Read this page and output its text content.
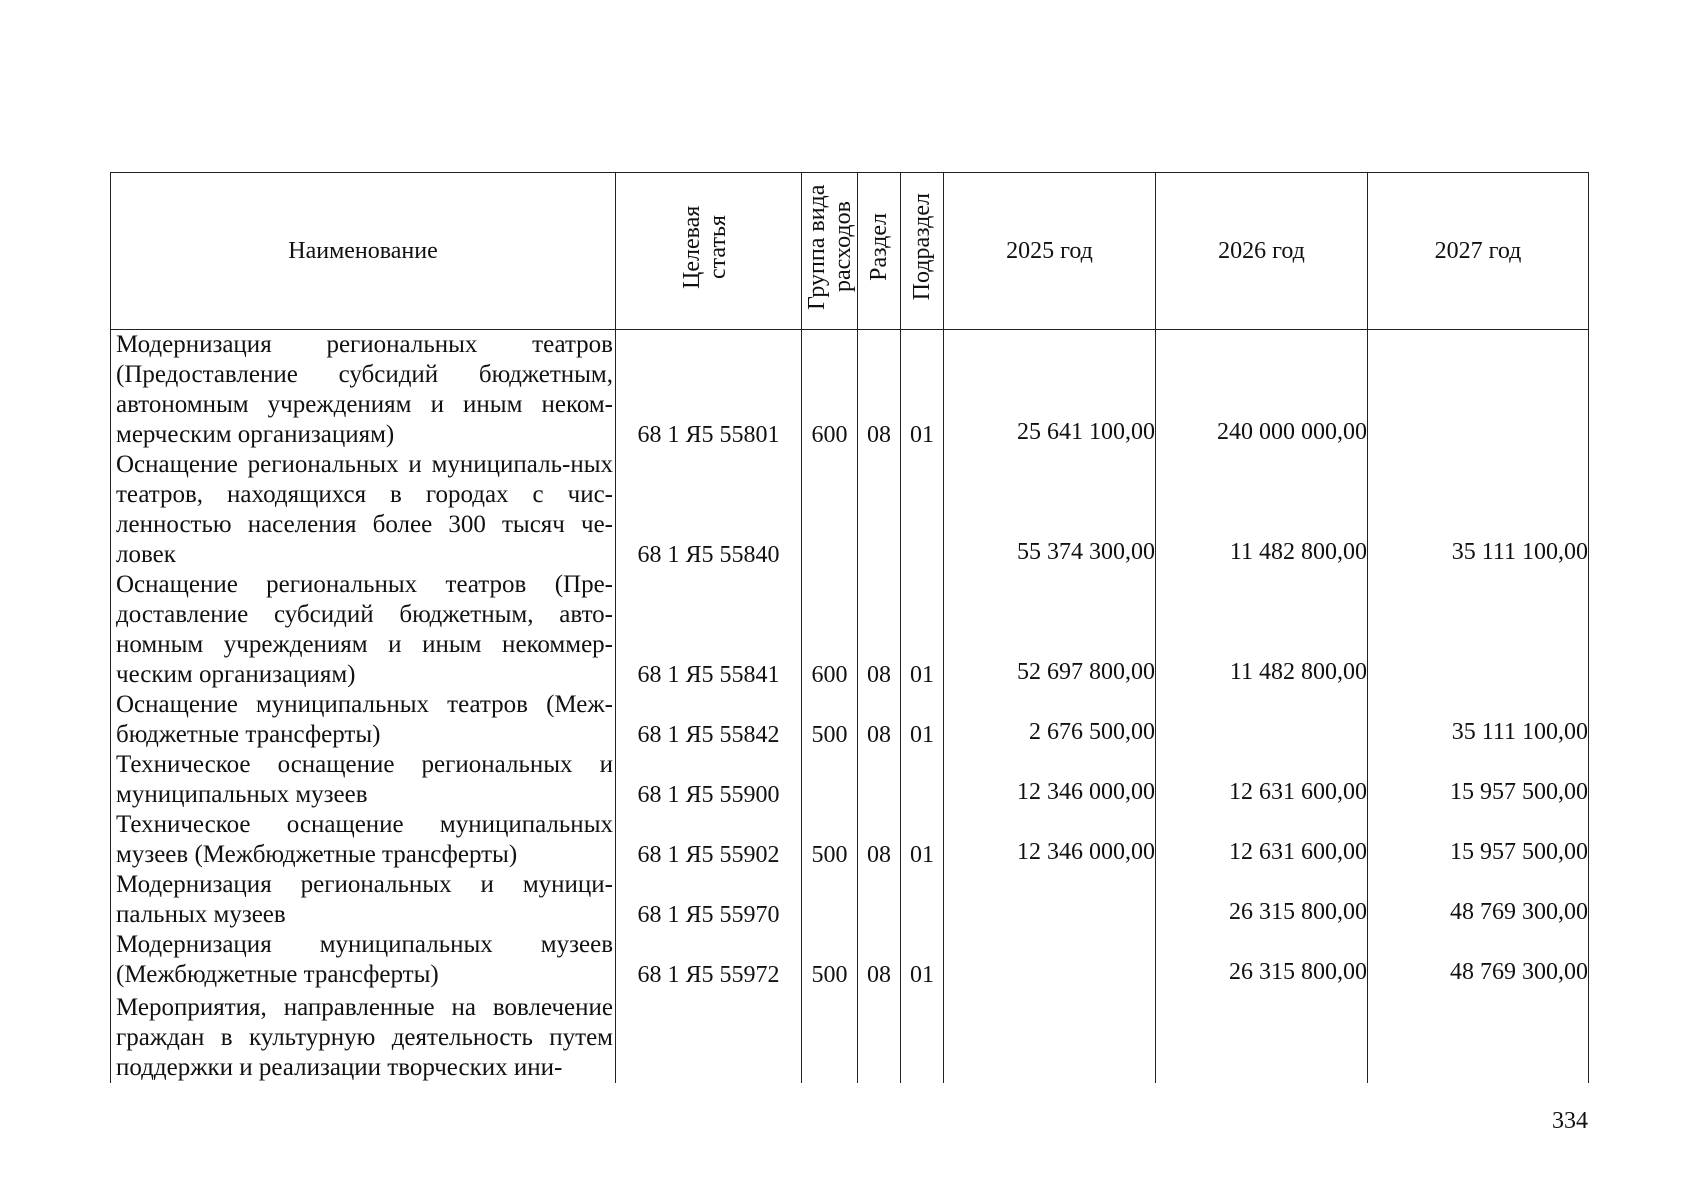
Наименование	Целевая статья	Группа вида расходов	Раздел	Подраздел	2025 год	2026 год	2027 год
Модернизация региональных театров (Предоставление субсидий бюджетным, автономным учреждениям и иным неком-мерческим организациям)	68 1 Я5 55801	600	08	01	25 641 100,00	240 000 000,00	
Оснащение региональных и муниципаль-ных театров, находящихся в городах с чис-ленностью населения более 300 тысяч че-ловек	68 1 Я5 55840				55 374 300,00	11 482 800,00	35 111 100,00
Оснащение региональных театров (Пре-доставление субсидий бюджетным, авто-номным учреждениям и иным некоммер-ческим организациям)	68 1 Я5 55841	600	08	01	52 697 800,00	11 482 800,00	
Оснащение муниципальных театров (Меж-бюджетные трансферты)	68 1 Я5 55842	500	08	01	2 676 500,00		35 111 100,00
Техническое оснащение региональных и муниципальных музеев	68 1 Я5 55900				12 346 000,00	12 631 600,00	15 957 500,00
Техническое оснащение муниципальных музеев (Межбюджетные трансферты)	68 1 Я5 55902	500	08	01	12 346 000,00	12 631 600,00	15 957 500,00
Модернизация региональных и муници-пальных музеев	68 1 Я5 55970					26 315 800,00	48 769 300,00
Модернизация муниципальных музеев (Межбюджетные трансферты)	68 1 Я5 55972	500	08	01		26 315 800,00	48 769 300,00
Мероприятия, направленные на вовлечение граждан в культурную деятельность путем поддержки и реализации творческих ини-							
334
